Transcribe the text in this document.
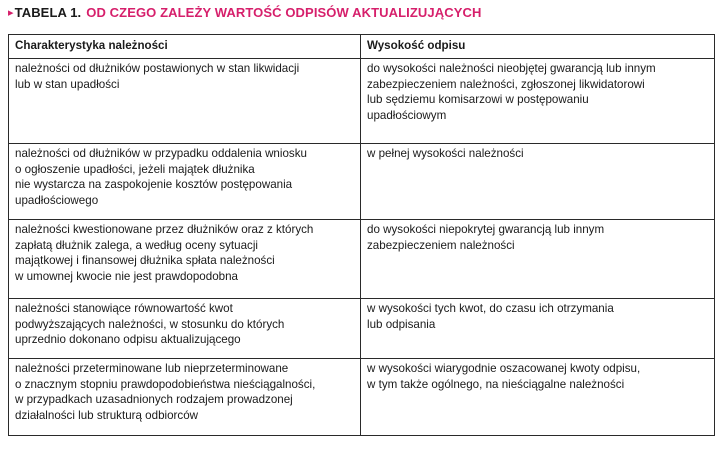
▸ TABELA 1. OD CZEGO ZALEŻY WARTOŚĆ ODPISÓW AKTUALIZUJĄCYCH
Charakterystyka należności	Wysokość odpisu

należności od dłużników postawionych w stan likwidacji
lub w stan upadłości	do wysokości należności nieobjętej gwarancją lub innym
zabezpieczeniem należności, zgłoszonej likwidatorowi
lub sędziemu komisarzowi w postępowaniu
upadłościowym

należności od dłużników w przypadku oddalenia wniosku
o ogłoszenie upadłości, jeżeli majątek dłużnika
nie wystarcza na zaspokojenie kosztów postępowania
upadłościowego	w pełnej wysokości należności

należności kwestionowane przez dłużników oraz z których
zapłatą dłużnik zalega, a według oceny sytuacji
majątkowej i finansowej dłużnika spłata należności
w umownej kwocie nie jest prawdopodobna	do wysokości niepokrytej gwarancją lub innym
zabezpieczeniem należności

należności stanowiące równowartość kwot
podwyższających należności, w stosunku do których
uprzednio dokonano odpisu aktualizującego	w wysokości tych kwot, do czasu ich otrzymania
lub odpisania

należności przeterminowane lub nieprzeterminowane
o znacznym stopniu prawdopodobieństwa nieściągalności,
w przypadkach uzasadnionych rodzajem prowadzonej
działalności lub strukturą odbiorców	w wysokości wiarygodnie oszacowanej kwoty odpisu,
w tym także ogólnego, na nieściągalne należności
